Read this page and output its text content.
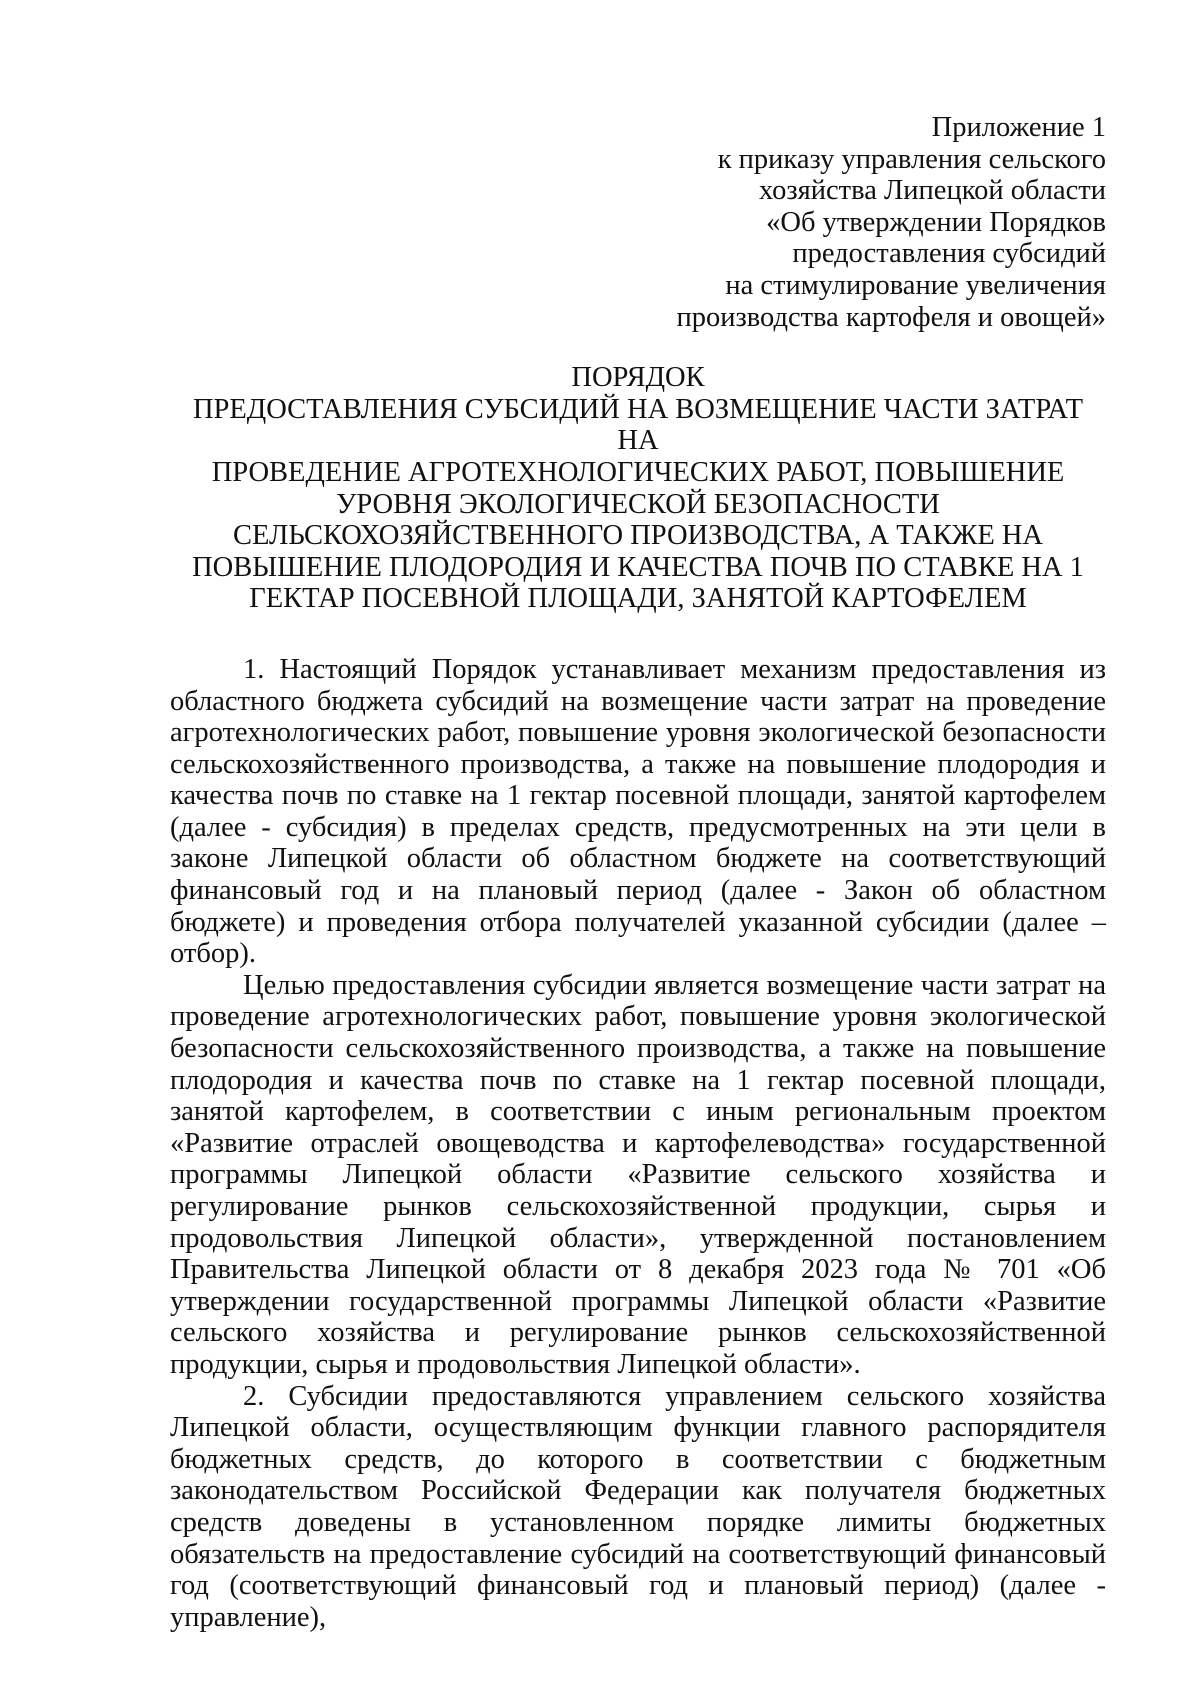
Приложение 1
к приказу управления сельского
хозяйства Липецкой области
«Об утверждении Порядков
предоставления субсидий
на стимулирование увеличения
производства картофеля и овощей»
ПОРЯДОК
ПРЕДОСТАВЛЕНИЯ СУБСИДИЙ НА ВОЗМЕЩЕНИЕ ЧАСТИ ЗАТРАТ НА
ПРОВЕДЕНИЕ АГРОТЕХНОЛОГИЧЕСКИХ РАБОТ, ПОВЫШЕНИЕ
УРОВНЯ ЭКОЛОГИЧЕСКОЙ БЕЗОПАСНОСТИ
СЕЛЬСКОХОЗЯЙСТВЕННОГО ПРОИЗВОДСТВА, А ТАКЖЕ НА
ПОВЫШЕНИЕ ПЛОДОРОДИЯ И КАЧЕСТВА ПОЧВ ПО СТАВКЕ НА 1
ГЕКТАР ПОСЕВНОЙ ПЛОЩАДИ, ЗАНЯТОЙ КАРТОФЕЛЕМ

1. Настоящий Порядок устанавливает механизм предоставления из областного бюджета субсидий на возмещение части затрат на проведение агротехнологических работ, повышение уровня экологической безопасности сельскохозяйственного производства, а также на повышение плодородия и качества почв по ставке на 1 гектар посевной площади, занятой картофелем (далее - субсидия) в пределах средств, предусмотренных на эти цели в законе Липецкой области об областном бюджете на соответствующий финансовый год и на плановый период (далее - Закон об областном бюджете) и проведения отбора получателей указанной субсидии (далее – отбор).

Целью предоставления субсидии является возмещение части затрат на проведение агротехнологических работ, повышение уровня экологической безопасности сельскохозяйственного производства, а также на повышение плодородия и качества почв по ставке на 1 гектар посевной площади, занятой картофелем, в соответствии с иным региональным проектом «Развитие отраслей овощеводства и картофелеводства» государственной программы Липецкой области «Развитие сельского хозяйства и регулирование рынков сельскохозяйственной продукции, сырья и продовольствия Липецкой области», утвержденной постановлением Правительства Липецкой области от 8 декабря 2023 года № 701 «Об утверждении государственной программы Липецкой области «Развитие сельского хозяйства и регулирование рынков сельскохозяйственной продукции, сырья и продовольствия Липецкой области».

2. Субсидии предоставляются управлением сельского хозяйства Липецкой области, осуществляющим функции главного распорядителя бюджетных средств, до которого в соответствии с бюджетным законодательством Российской Федерации как получателя бюджетных средств доведены в установленном порядке лимиты бюджетных обязательств на предоставление субсидий на соответствующий финансовый год (соответствующий финансовый год и плановый период) (далее - управление),
